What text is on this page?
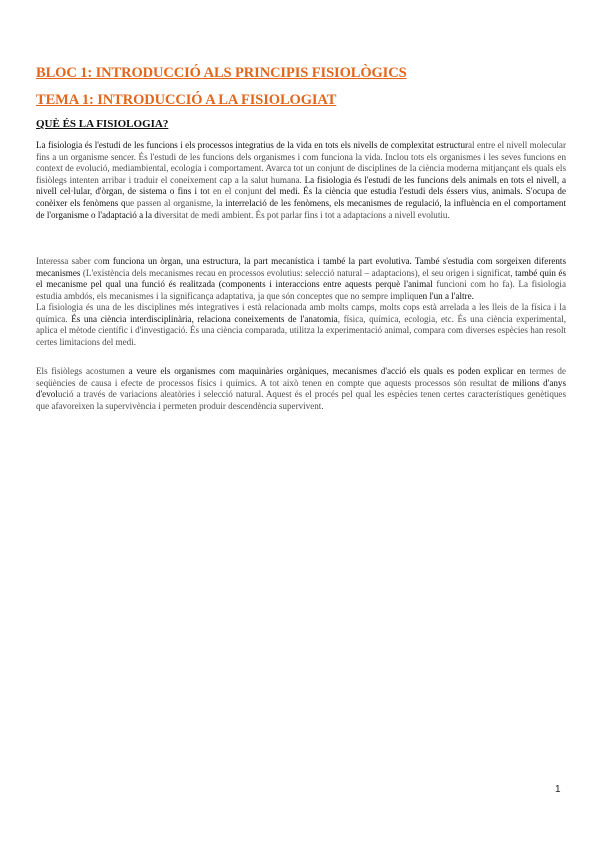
BLOC 1: INTRODUCCIÓ ALS PRINCIPIS FISIOLÒGICS
TEMA 1: INTRODUCCIÓ A LA FISIOLOGIAT
QUÈ ÉS LA FISIOLOGIA?

La fisiologia és l'estudi de les funcions i els processos integratius de la vida en tots els nivells de complexitat estructural entre el nivell molecular fins a un organisme sencer. És l'estudi de les funcions dels organismes i com funciona la vida. Inclou tots els organismes i les seves funcions en context de evolució, mediambiental, ecologia i comportament. Avarca tot un conjunt de disciplines de la ciència moderna mitjançant els quals els fisiòlegs intenten arribar i traduir el coneixement cap a la salut humana. La fisiologia és l'estudi de les funcions dels animals en tots el nivell, a nivell cel·lular, d'òrgan, de sistema o fins i tot en el conjunt del medi. És la ciència que estudia l'estudi dels éssers vius, animals. S'ocupa de conèixer els fenòmens que passen al organisme, la interrelació de les fenòmens, els mecanismes de regulació, la influència en el comportament de l'organisme o l'adaptació a la diversitat de medi ambient. És pot parlar fins i tot a adaptacions a nivell evolutiu.

Interessa saber com funciona un òrgan, una estructura, la part mecanística i també la part evolutiva. També s'estudia com sorgeixen diferents mecanismes (L'existència dels mecanismes recau en processos evolutius: selecció natural – adaptacions), el seu origen i significat, també quin és el mecanisme pel qual una funció és realitzada (components i interaccions entre aquests perquè l'animal funcioni com ho fa). La fisiologia estudia ambdós, els mecanismes i la significança adaptativa, ja que són conceptes que no sempre impliquen l'un a l'altre.

La fisiologia és una de les disciplines més integratives i està relacionada amb molts camps, molts cops està arrelada a les lleis de la física i la química. És una ciència interdisciplinària, relaciona coneixements de l'anatomia, física, química, ecologia, etc. És una ciència experimental, aplica el mètode científic i d'investigació. És una ciència comparada, utilitza la experimentació animal, compara com diverses espècies han resolt certes limitacions del medi.

Els fisiòlegs acostumen a veure els organismes com maquinàries orgàniques, mecanismes d'acció els quals es poden explicar en termes de seqüències de causa i efecte de processos físics i químics. A tot això tenen en compte que aquests processos són resultat de milions d'anys d'evolució a través de variacions aleatòries i selecció natural. Aquest és el procés pel qual les espècies tenen certes característiques genètiques que afavoreixen la supervivència i permeten produir descendència supervivent.

1
